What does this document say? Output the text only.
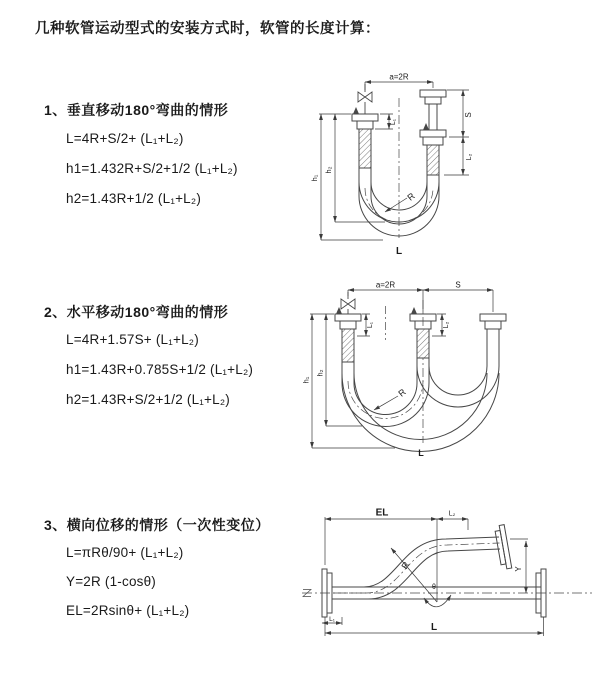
几种软管运动型式的安装方式时，软管的长度计算：
1、垂直移动180°弯曲的情形
L=4R+S/2+ (L₁+L₂)
h1=1.432R+S/2+1/2 (L₁+L₂)
h2=1.43R+1/2 (L₁+L₂)
a=2R
h₁
h₂
S
L₂
L₁
R
L
2、水平移动180°弯曲的情形
L=4R+1.57S+ (L₁+L₂)
h1=1.43R+0.785S+1/2 (L₁+L₂)
h2=1.43R+S/2+1/2 (L₁+L₂)
a=2R	S
h₁
h₂
L₁	L₂
R
L
3、横向位移的情形（一次性变位）
L=πRθ/90+ (L₁+L₂)
Y=2R (1-cosθ)
EL=2Rsinθ+ (L₁+L₂)
EL	L₂
R
θ
Y
L
L₁
